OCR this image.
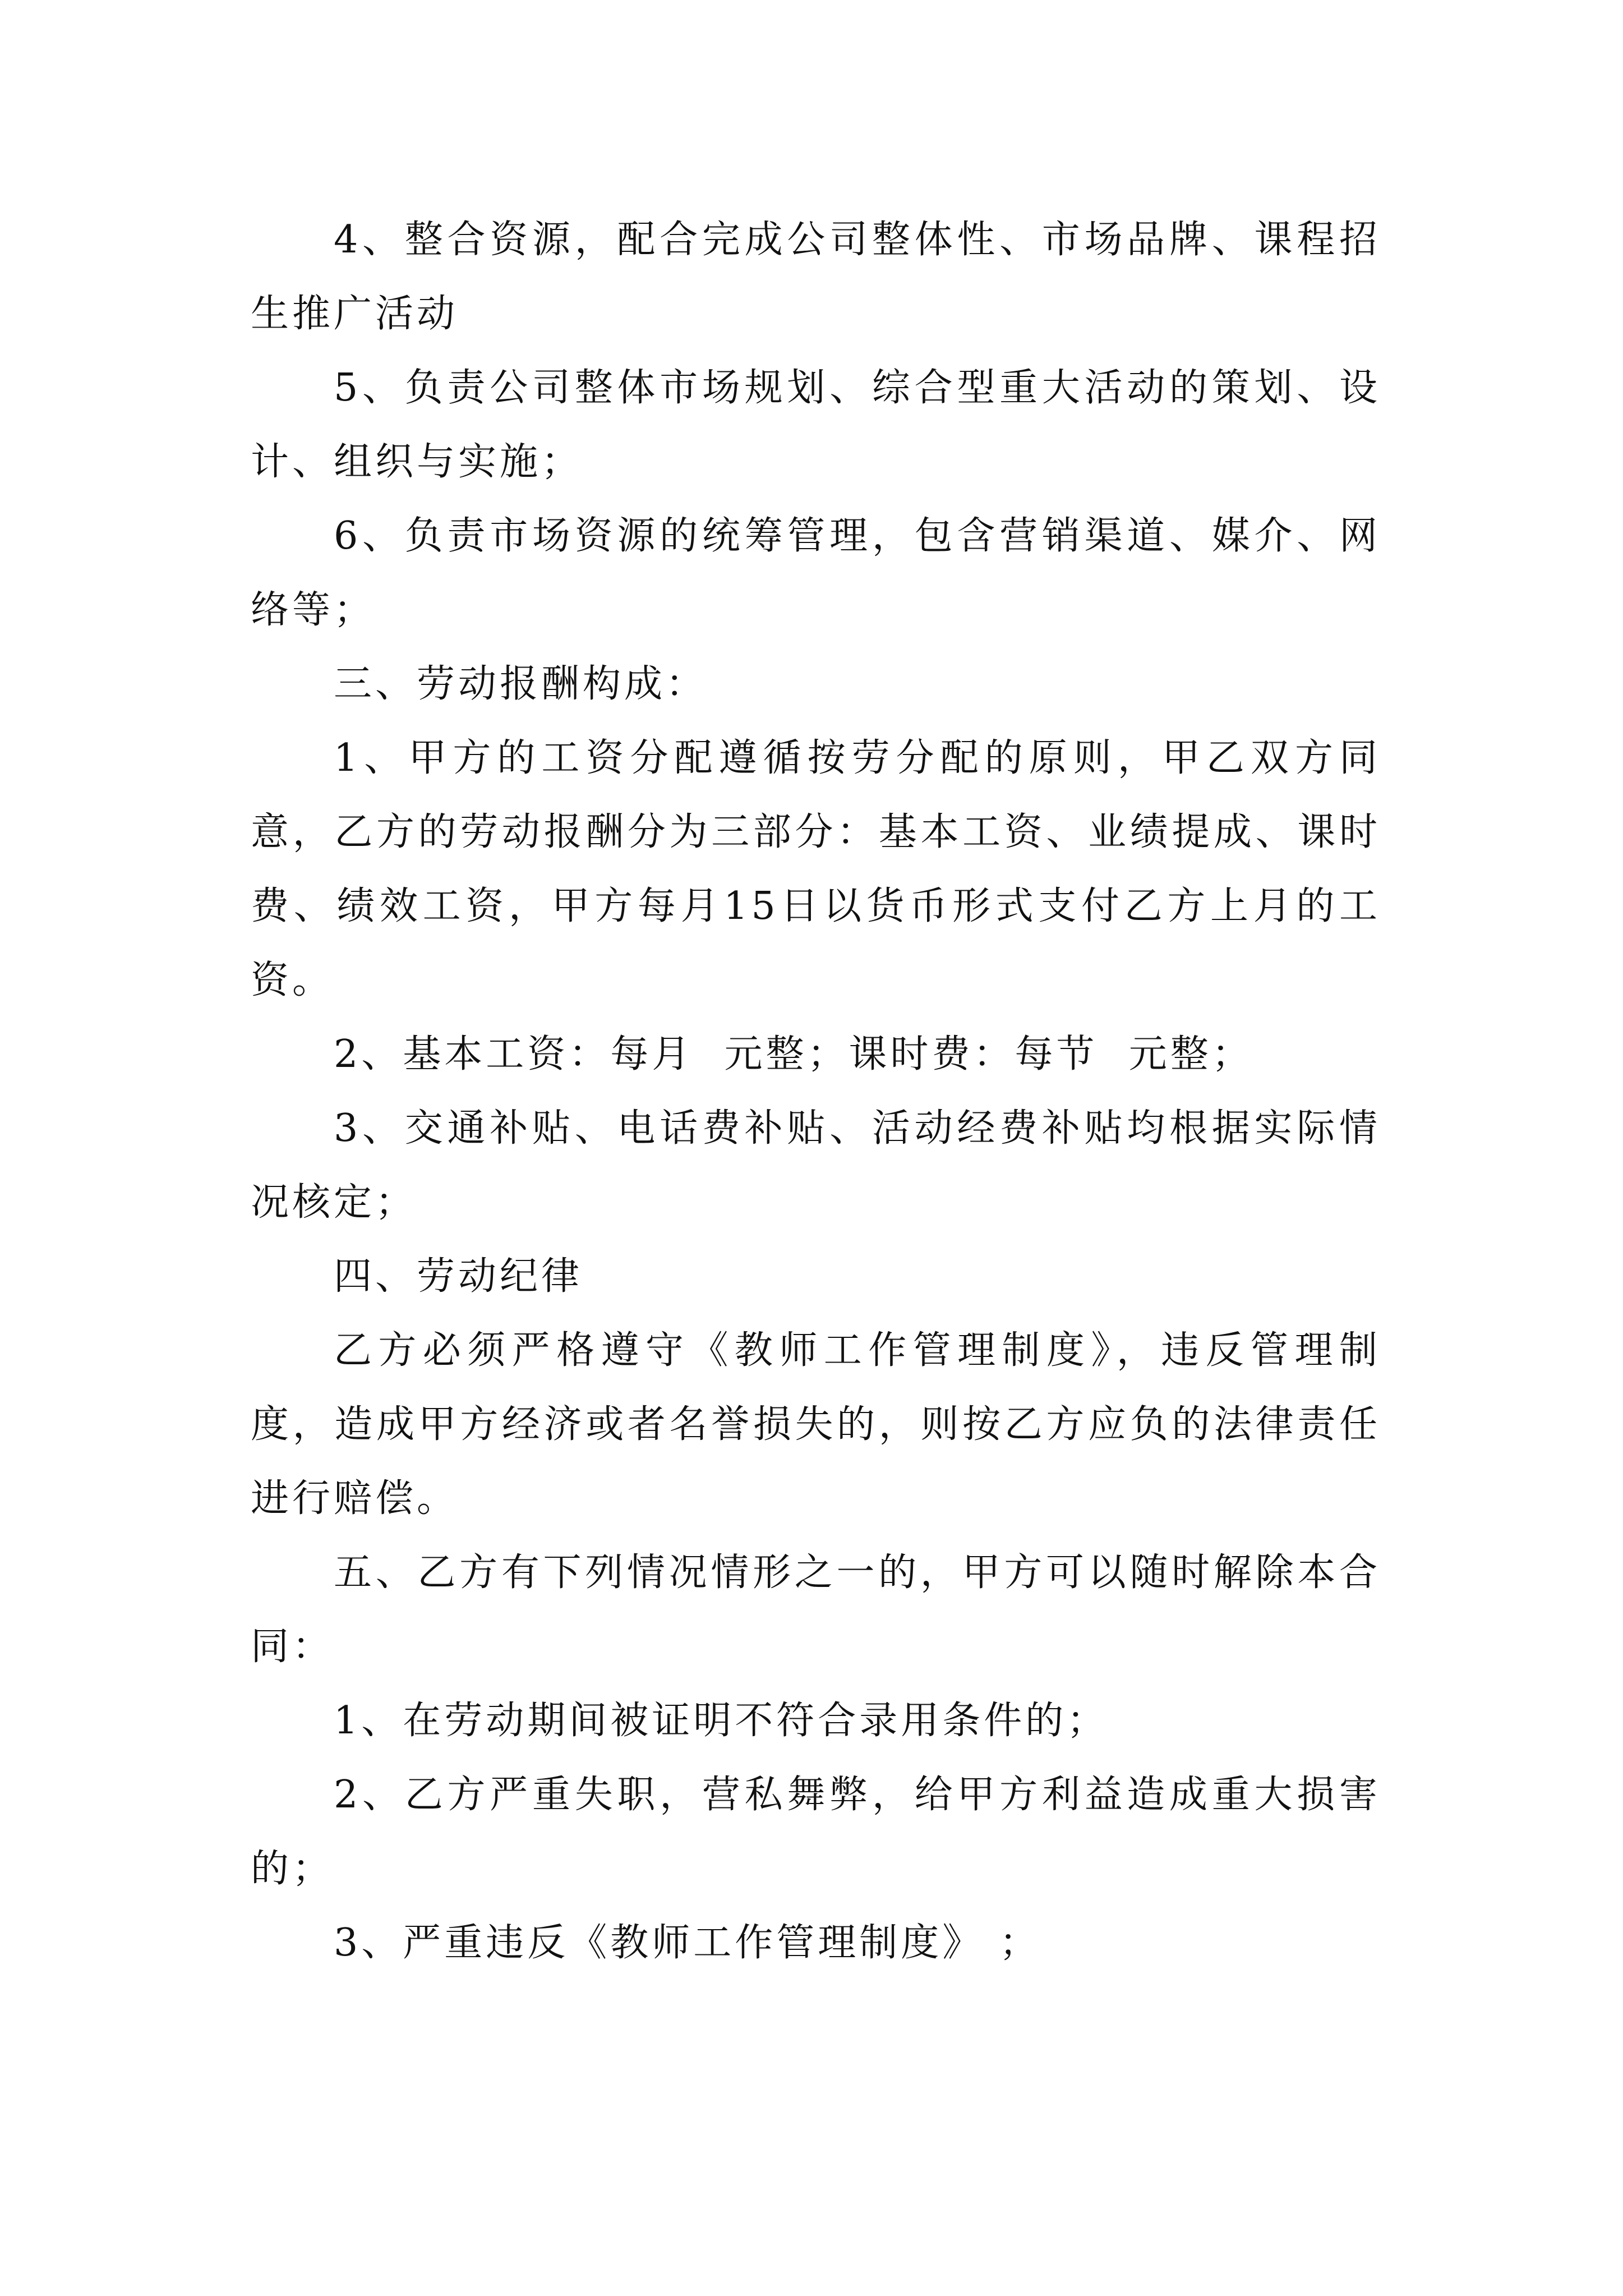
4、整合资源，配合完成公司整体性、市场品牌、课程招生推广活动

5、负责公司整体市场规划、综合型重大活动的策划、设计、组织与实施；

6、负责市场资源的统筹管理，包含营销渠道、媒介、网络等；

三、劳动报酬构成：

1、甲方的工资分配遵循按劳分配的原则，甲乙双方同意，乙方的劳动报酬分为三部分：基本工资、业绩提成、课时费、绩效工资，甲方每月15日以货币形式支付乙方上月的工资。

2、基本工资：每月  元整；课时费：每节  元整；

3、交通补贴、电话费补贴、活动经费补贴均根据实际情况核定；

四、劳动纪律

乙方必须严格遵守《教师工作管理制度》，违反管理制度，造成甲方经济或者名誉损失的，则按乙方应负的法律责任进行赔偿。

五、乙方有下列情况情形之一的，甲方可以随时解除本合同：

1、在劳动期间被证明不符合录用条件的；

2、乙方严重失职，营私舞弊，给甲方利益造成重大损害的；

3、严重违反《教师工作管理制度》 ；
